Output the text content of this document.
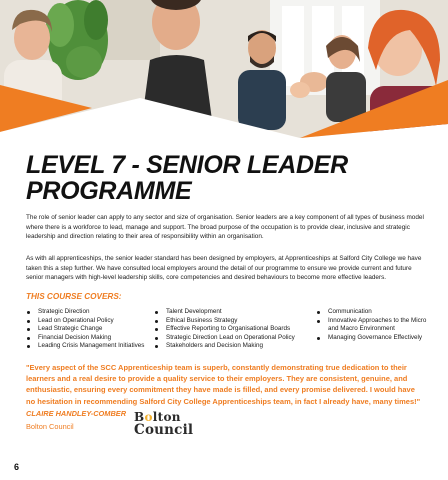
LEVEL 7 - SENIOR LEADER
PROGRAMME

The role of senior leader can apply to any sector and size of organisation. Senior leaders are a key component of all types of business model where there is a workforce to lead, manage and support. The broad purpose of the occupation is to provide clear, inclusive and strategic leadership and direction relating to their area of responsibility within an organisation.

As with all apprenticeships, the senior leader standard has been designed by employers, at Apprenticeships at Salford City College we have taken this a step further. We have consulted local employers around the detail of our programme to ensure we provide current and future senior managers with high-level leadership skills, core competencies and desired behaviours to become more effective leaders.

THIS COURSE COVERS:
Strategic Direction
Lead on Operational Policy
Lead Strategic Change
Financial Decision Making
Leading Crisis Management Initiatives
Talent Development
Ethical Business Strategy
Effective Reporting to Organisational Boards
Strategic Direction Lead on Operational Policy
Stakeholders and Decision Making
Communication
Innovative Approaches to the Micro and Macro Environment
Managing Governance Effectively

"Every aspect of the SCC Apprenticeship team is superb, constantly demonstrating true dedication to their learners and a real desire to provide a quality service to their employers. They are consistent, genuine, and enthusiastic, ensuring every commitment they have made is filled, and every promise delivered. I would have no hesitation in recommending Salford City College Apprenticeships team, in fact I already have, many times!"

CLAIRE HANDLEY-COMBER
Bolton Council
Bolton
Council
6
